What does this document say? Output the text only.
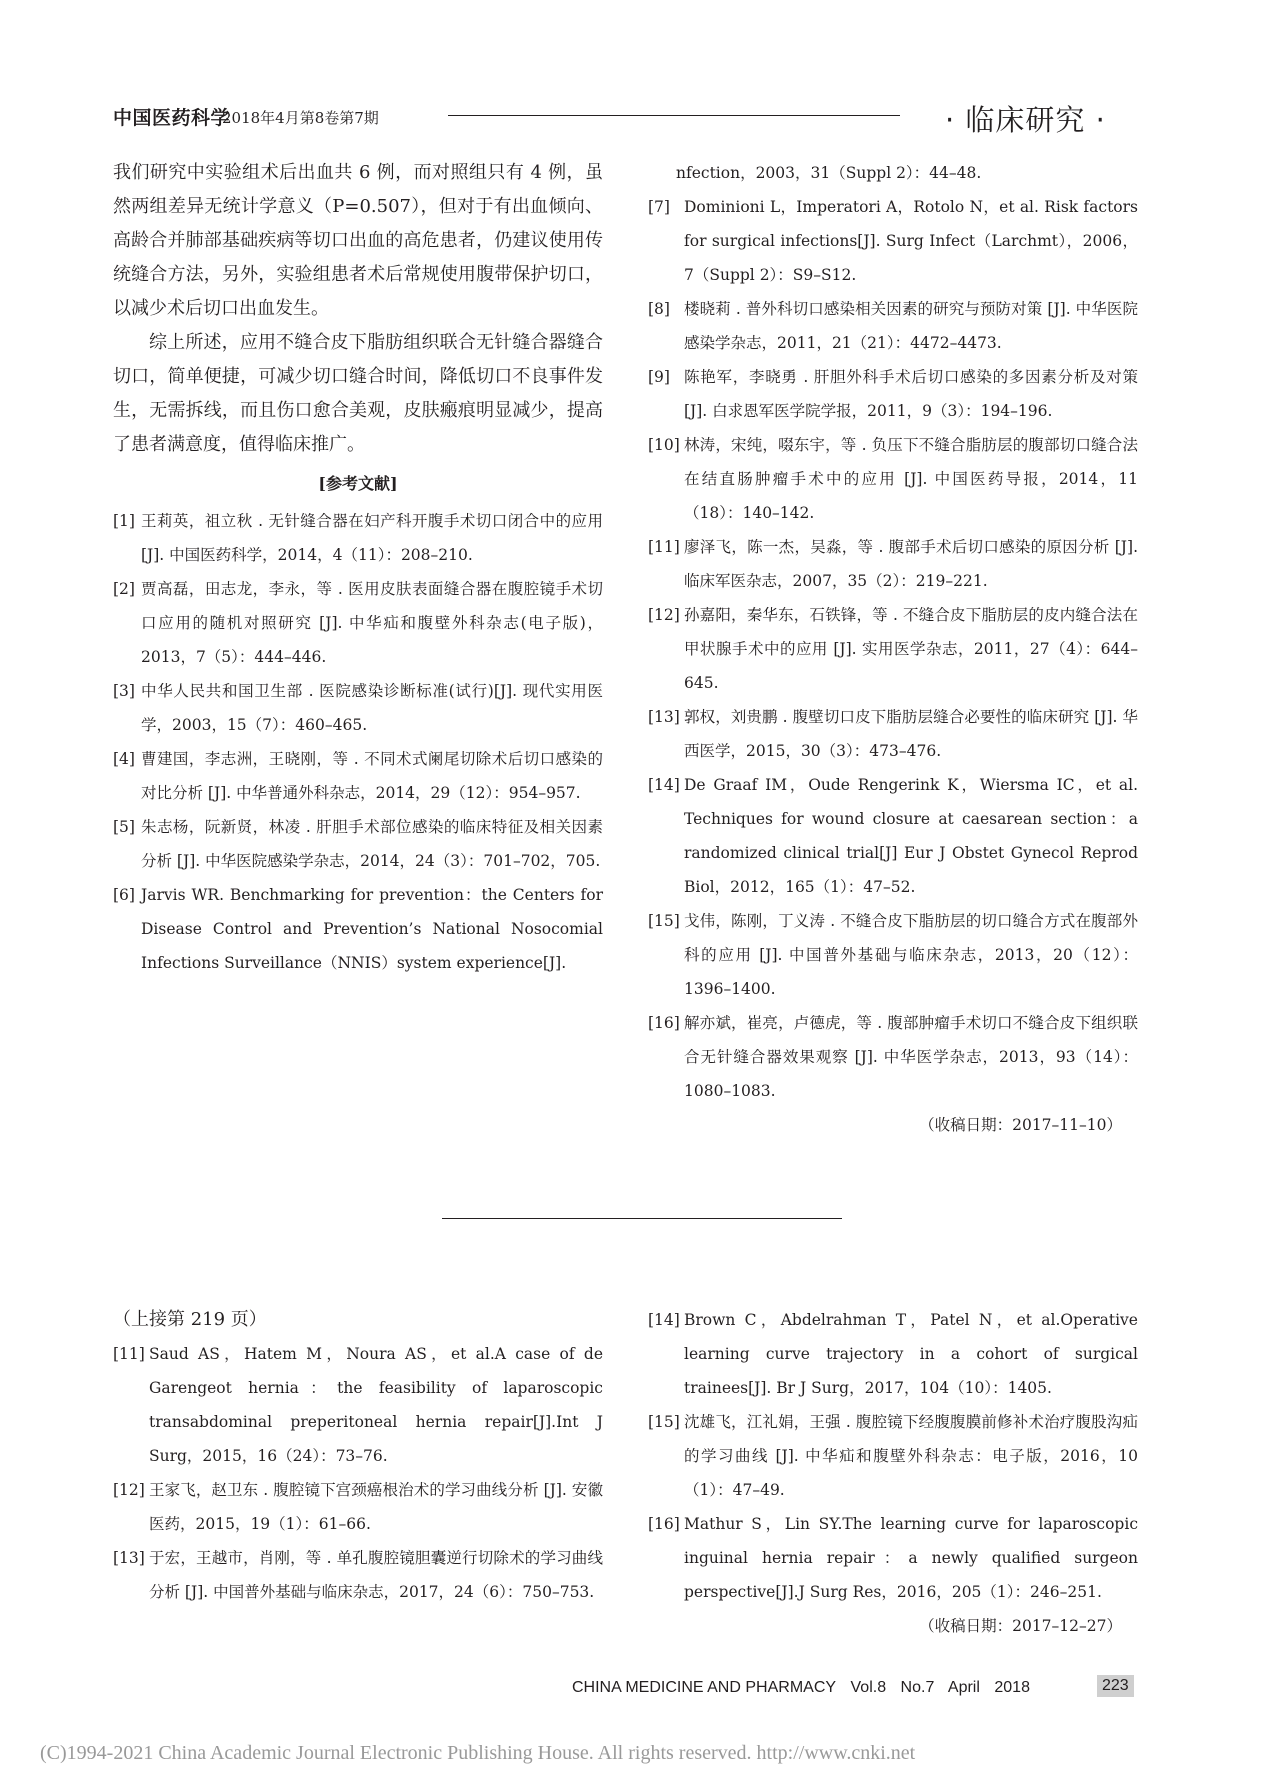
中国医药科学
2018年4月第8卷第7期	· 临床研究 ·

我们研究中实验组术后出血共 6 例，而对照组只有 4 例，虽然两组差异无统计学意义（P=0.507），但对于有出血倾向、高龄合并肺部基础疾病等切口出血的高危患者，仍建议使用传统缝合方法，另外，实验组患者术后常规使用腹带保护切口，以减少术后切口出血发生。

综上所述，应用不缝合皮下脂肪组织联合无针缝合器缝合切口，简单便捷，可减少切口缝合时间，降低切口不良事件发生，无需拆线，而且伤口愈合美观，皮肤瘢痕明显减少，提高了患者满意度，值得临床推广。

[参考文献]

[1] 王莉英，祖立秋 . 无针缝合器在妇产科开腹手术切口闭合中的应用 [J]. 中国医药科学，2014，4（11）：208–210.

[2] 贾高磊，田志龙，李永，等 . 医用皮肤表面缝合器在腹腔镜手术切口应用的随机对照研究 [J]. 中华疝和腹壁外科杂志(电子版)，2013，7（5）：444–446.

[3] 中华人民共和国卫生部 . 医院感染诊断标准(试行)[J]. 现代实用医学，2003，15（7）：460–465.

[4] 曹建国，李志洲，王晓刚，等 . 不同术式阑尾切除术后切口感染的对比分析 [J]. 中华普通外科杂志，2014，29（12）：954–957.

[5] 朱志杨，阮新贤，林凌 . 肝胆手术部位感染的临床特征及相关因素分析 [J]. 中华医院感染学杂志，2014，24（3）：701–702，705.

[6] Jarvis WR. Benchmarking for prevention：the Centers for Disease Control and Prevention’s National Nosocomial Infections Surveillance（NNIS）system experience[J].

nfection，2003，31（Suppl 2）：44–48.

[7] Dominioni L，Imperatori A，Rotolo N，et al. Risk factors for surgical infections[J]. Surg Infect（Larchmt），2006，7（Suppl 2）：S9–S12.

[8] 楼晓莉 . 普外科切口感染相关因素的研究与预防对策 [J]. 中华医院感染学杂志，2011，21（21）：4472–4473.

[9] 陈艳军，李晓勇 . 肝胆外科手术后切口感染的多因素分析及对策 [J]. 白求恩军医学院学报，2011，9（3）：194–196.

[10] 林涛，宋纯，啜东宇，等 . 负压下不缝合脂肪层的腹部切口缝合法在结直肠肿瘤手术中的应用 [J]. 中国医药导报，2014，11（18）：140–142.

[11] 廖泽飞，陈一杰，吴淼，等 . 腹部手术后切口感染的原因分析 [J]. 临床军医杂志，2007，35（2）：219–221.

[12] 孙嘉阳，秦华东，石铁锋，等 . 不缝合皮下脂肪层的皮内缝合法在甲状腺手术中的应用 [J]. 实用医学杂志，2011，27（4）：644–645.

[13] 郭权，刘贵鹏 . 腹壁切口皮下脂肪层缝合必要性的临床研究 [J]. 华西医学，2015，30（3）：473–476.

[14] De Graaf IM，Oude Rengerink K，Wiersma IC，et al. Techniques for wound closure at caesarean section：a randomized clinical trial[J] Eur J Obstet Gynecol Reprod Biol，2012，165（1）：47–52.

[15] 戈伟，陈刚，丁义涛 . 不缝合皮下脂肪层的切口缝合方式在腹部外科的应用 [J]. 中国普外基础与临床杂志，2013，20（12）：1396–1400.

[16] 解亦斌，崔亮，卢德虎，等 . 腹部肿瘤手术切口不缝合皮下组织联合无针缝合器效果观察 [J]. 中华医学杂志，2013，93（14）：1080–1083.

（收稿日期：2017–11–10）

（上接第 219 页）

[11] Saud AS，Hatem M，Noura AS，et al.A case of de Garengeot hernia：the feasibility of laparoscopic transabdominal preperitoneal hernia repair[J].Int J Surg，2015，16（24）：73–76.

[12] 王家飞，赵卫东 . 腹腔镜下宫颈癌根治术的学习曲线分析 [J]. 安徽医药，2015，19（1）：61–66.

[13] 于宏，王越市，肖刚，等 . 单孔腹腔镜胆囊逆行切除术的学习曲线分析 [J]. 中国普外基础与临床杂志，2017，24（6）：750–753.

[14] Brown C，Abdelrahman T，Patel N，et al.Operative learning curve trajectory in a cohort of surgical trainees[J]. Br J Surg，2017，104（10）：1405.

[15] 沈雄飞，江礼娟，王强 . 腹腔镜下经腹腹膜前修补术治疗腹股沟疝的学习曲线 [J]. 中华疝和腹壁外科杂志：电子版，2016，10（1）：47–49.

[16] Mathur S，Lin SY.The learning curve for laparoscopic inguinal hernia repair：a newly qualified surgeon perspective[J].J Surg Res，2016，205（1）：246–251.

（收稿日期：2017–12–27）

CHINA MEDICINE AND PHARMACY Vol.8 No.7 April 2018	223
(C)1994-2021 China Academic Journal Electronic Publishing House. All rights reserved. http://www.cnki.net
